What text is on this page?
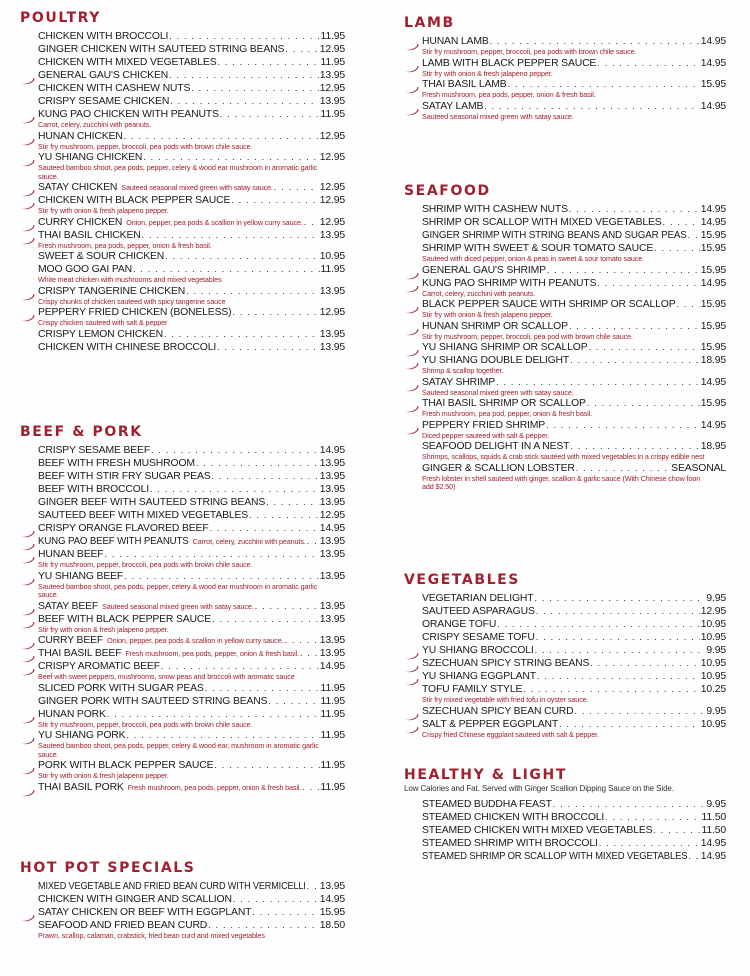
POULTRY
CHICKEN WITH BROCCOLI . . .	11.95
GINGER CHICKEN WITH SAUTEED STRING BEANS . . .	12.95
CHICKEN WITH MIXED VEGETABLES . . .	11.95
GENERAL GAU'S CHICKEN . . .	13.95
CHICKEN WITH CASHEW NUTS . . .	12.95
CRISPY SESAME CHICKEN . . .	13.95
KUNG PAO CHICKEN WITH PEANUTS . . .	11.95
Carrot, celery, zucchini with peanuts.
HUNAN CHICKEN . . .	12.95
Stir fry mushroom, pepper, broccoli, pea pods with brown chile sauce.
YU SHIANG CHICKEN . . .	12.95
Sauteed bamboo shoot, pea pods, pepper, celery & wood ear mushroom in aromatic garlic sauce.
SATAY CHICKEN Sauteed seasonal mixed green with satay sauce. . . .	12.95
CHICKEN WITH BLACK PEPPER SAUCE . . .	12.95
Stir fry with onion & fresh jalapeno pepper.
CURRY CHICKEN Onion, pepper, pea pods & scallion in yellow curry sauce. . . . 12.95
THAI BASIL CHICKEN . . .	13.95
Fresh mushroom, pea pods, pepper, onion & fresh basil.
SWEET & SOUR CHICKEN . . .	10.95
MOO GOO GAI PAN . . .	11.95
White meat chicken with mushrooms and mixed vegetables
CRISPY TANGERINE CHICKEN . . .	13.95
Crispy chunks of chicken sauteed with spicy tangerine sauce
PEPPERY FRIED CHICKEN (BONELESS) . . .	12.95
Crispy chicken sauteed with salt & pepper
CRISPY LEMON CHICKEN . . .	13.95
CHICKEN WITH CHINESE BROCCOLI . . .	13.95
BEEF & PORK
CRISPY SESAME BEEF . . .	14.95
BEEF WITH FRESH MUSHROOM . . .	13.95
BEEF WITH STIR FRY SUGAR PEAS . . .	13.95
BEEF WITH BROCCOLI . . .	13.95
GINGER BEEF WITH SAUTEED STRING BEANS . . .	13.95
SAUTEED BEEF WITH MIXED VEGETABLES . . .	12.95
CRISPY ORANGE FLAVORED BEEF . . .	14.95
KUNG PAO BEEF WITH PEANUTS Carrot, celery, zucchini with peanuts. . . . 13.95
HUNAN BEEF . . .	13.95
Stir fry mushroom, pepper, broccoli, pea pods with brown chile sauce.
YU SHIANG BEEF . . .	13.95
Sauteed bamboo shoot, pea pods, pepper, celery & wood ear mushroom in aromatic garlic sauce.
SATAY BEEF Sauteed seasonal mixed green with satay sauce. . . .	13.95
BEEF WITH BLACK PEPPER SAUCE . . .	13.95
Stir fry with onion & fresh jalapeno pepper.
CURRY BEEF Onion, pepper, pea pods & scallion in yellow curry sauce. . . .	13.95
THAI BASIL BEEF Fresh mushroom, pea pods, pepper, onion & fresh basil. . . . 13.95
CRISPY AROMATIC BEEF . . .	14.95
Beef with sweet peppers, mushrooms, snow peas and broccoli with aromatic sauce
SLICED PORK WITH SUGAR PEAS . . .	11.95
GINGER PORK WITH SAUTEED STRING BEANS . . .	11.95
HUNAN PORK . . .	11.95
Stir fry mushroom, pepper, broccoli, pea pods with brown chile sauce.
YU SHIANG PORK . . .	11.95
Sauteed bamboo shoot, pea pods, pepper, celery & wood ear, mushroom in aromatic garlic sauce.
PORK WITH BLACK PEPPER SAUCE . . .	11.95
Stir fry with onion & fresh jalapeno pepper.
THAI BASIL PORK Fresh mushroom, pea pods, pepper, onion & fresh basil. . . . 11.95
HOT POT SPECIALS
MIXED VEGETABLE AND FRIED BEAN CURD WITH VERMICELLI . . . 13.95
CHICKEN WITH GINGER AND SCALLION . . .	14.95
SATAY CHICKEN OR BEEF WITH EGGPLANT . . .	15.95
SEAFOOD AND FRIED BEAN CURD . . .	18.50
Prawn, scallop, calamari, crabstick, fried bean curd and mixed vegetables
LAMB
HUNAN LAMB . . .	14.95
Stir fry mushroom, pepper, broccoli, pea pods with brown chile sauce.
LAMB WITH BLACK PEPPER SAUCE . . .	14.95
Stir fry with onion & fresh jalapeno pepper.
THAI BASIL LAMB . . .	15.95
Fresh mushroom, pea pods, pepper, onion & fresh basil.
SATAY LAMB . . .	14.95
Sauteed seasonal mixed green with satay sauce.
SEAFOOD
SHRIMP WITH CASHEW NUTS . . .	14.95
SHRIMP OR SCALLOP WITH MIXED VEGETABLES . . .	14.95
GINGER SHRIMP WITH STRING BEANS AND SUGAR PEAS . . . 15.95
SHRIMP WITH SWEET & SOUR TOMATO SAUCE . . .	15.95
Sauteed with diced pepper, onion & peas in sweet & sour tomato sauce
GENERAL GAU'S SHRIMP . . .	15.95
KUNG PAO SHRIMP WITH PEANUTS . . .	14.95
Carrot, celery, zucchini with peanuts.
BLACK PEPPER SAUCE WITH SHRIMP OR SCALLOP . . . 15.95
Stir fry with onion & fresh jalapeno pepper.
HUNAN SHRIMP OR SCALLOP . . .	15.95
Stir fry mushroom, pepper, broccoli, pea pod with brown chile sauce.
YU SHIANG SHRIMP OR SCALLOP . . .	15.95
YU SHIANG DOUBLE DELIGHT . . .	18.95
Shrimp & scallop together.
SATAY SHRIMP . . .	14.95
Sauteed seasonal mixed green with satay sauce.
THAI BASIL SHRIMP OR SCALLOP . . .	15.95
Fresh mushroom, pea pod, pepper, onion & fresh basil.
PEPPERY FRIED SHRIMP . . .	14.95
Diced pepper sauteed with salt & pepper.
SEAFOOD DELIGHT IN A NEST . . .	18.95
Shrimps, scallops, squids & crab stick sautéed with mixed vegetables in a crispy edible nest
GINGER & SCALLION LOBSTER . . .	SEASONAL
Fresh lobster in shell sauteed with ginger, scallion & garlic sauce (With Chinese chow foon add $2.50)
VEGETABLES
VEGETARIAN DELIGHT . . .	9.95
SAUTEED ASPARAGUS . . .	12.95
ORANGE TOFU . . .	10.95
CRISPY SESAME TOFU . . .	10.95
YU SHIANG BROCCOLI . . .	9.95
SZECHUAN SPICY STRING BEANS . . .	10.95
YU SHIANG EGGPLANT . . .	10.95
TOFU FAMILY STYLE . . .	10.25
Stir fry mixed vegetable with fried tofu in oyster sauce.
SZECHUAN SPICY BEAN CURD . . .	9.95
SALT & PEPPER EGGPLANT . . .	10.95
Crispy fried Chinese eggplant sauteed with salt & pepper.
HEALTHY & LIGHT
Low Calories and Fat. Served with Ginger Scallion Dipping Sauce on the Side.
STEAMED BUDDHA FEAST . . .	9.95
STEAMED CHICKEN WITH BROCCOLI . . .	11.50
STEAMED CHICKEN WITH MIXED VEGETABLES . . .	11.50
STEAMED SHRIMP WITH BROCCOLI . . .	14.95
STEAMED SHRIMP OR SCALLOP WITH MIXED VEGETABLES . . . 14.95
